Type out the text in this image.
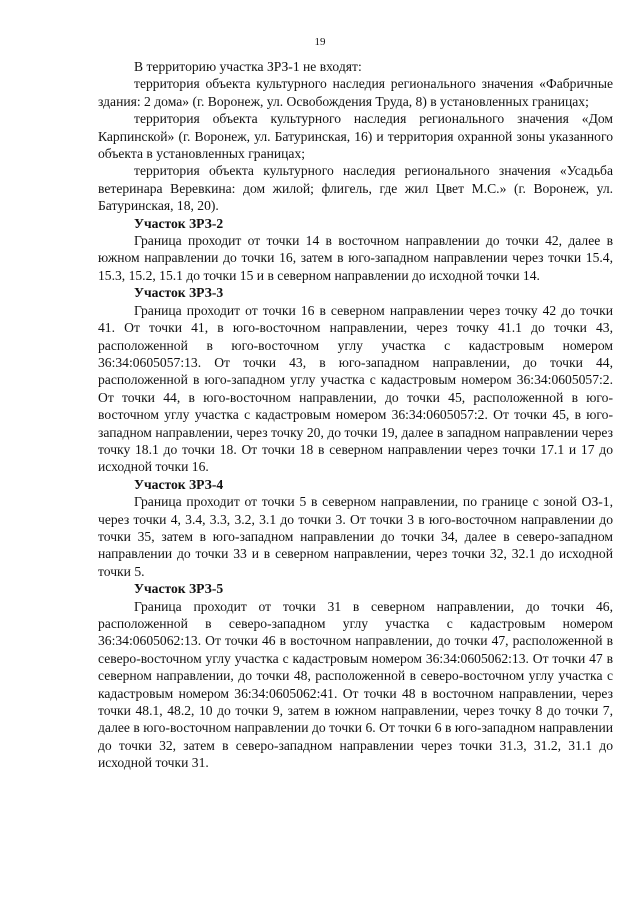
19

В территорию участка ЗРЗ-1 не входят:

территория объекта культурного наследия регионального значения «Фабричные здания: 2 дома» (г. Воронеж, ул. Освобождения Труда, 8) в установленных границах;

территория объекта культурного наследия регионального значения «Дом Карпинской» (г. Воронеж, ул. Батуринская, 16) и территория охранной зоны указанного объекта в установленных границах;

территория объекта культурного наследия регионального значения «Усадьба ветеринара Веревкина: дом жилой; флигель, где жил Цвет М.С.» (г. Воронеж, ул. Батуринская, 18, 20).

Участок ЗРЗ-2

Граница проходит от точки 14 в восточном направлении до точки 42, далее в южном направлении до точки 16, затем в юго-западном направлении через точки 15.4, 15.3, 15.2, 15.1 до точки 15 и в северном направлении до исходной точки 14.

Участок ЗРЗ-3

Граница проходит от точки 16 в северном направлении через точку 42 до точки 41. От точки 41, в юго-восточном направлении, через точку 41.1 до точки 43, расположенной в юго-восточном углу участка с кадастровым номером 36:34:0605057:13. От точки 43, в юго-западном направлении, до точки 44, расположенной в юго-западном углу участка с кадастровым номером 36:34:0605057:2. От точки 44, в юго-восточном направлении, до точки 45, расположенной в юго-восточном углу участка с кадастровым номером 36:34:0605057:2. От точки 45, в юго-западном направлении, через точку 20, до точки 19, далее в западном направлении через точку 18.1 до точки 18. От точки 18 в северном направлении через точки 17.1 и 17 до исходной точки 16.

Участок ЗРЗ-4

Граница проходит от точки 5 в северном направлении, по границе с зоной ОЗ-1, через точки 4, 3.4, 3.3, 3.2, 3.1 до точки 3. От точки 3 в юго-восточном направлении до точки 35, затем в юго-западном направлении до точки 34, далее в северо-западном направлении до точки 33 и в северном направлении, через точки 32, 32.1 до исходной точки 5.

Участок ЗРЗ-5

Граница проходит от точки 31 в северном направлении, до точки 46, расположенной в северо-западном углу участка с кадастровым номером 36:34:0605062:13. От точки 46 в восточном направлении, до точки 47, расположенной в северо-восточном углу участка с кадастровым номером 36:34:0605062:13. От точки 47 в северном направлении, до точки 48, расположенной в северо-восточном углу участка с кадастровым номером 36:34:0605062:41. От точки 48 в восточном направлении, через точки 48.1, 48.2, 10 до точки 9, затем в южном направлении, через точку 8 до точки 7, далее в юго-восточном направлении до точки 6. От точки 6 в юго-западном направлении до точки 32, затем в северо-западном направлении через точки 31.3, 31.2, 31.1 до исходной точки 31.
